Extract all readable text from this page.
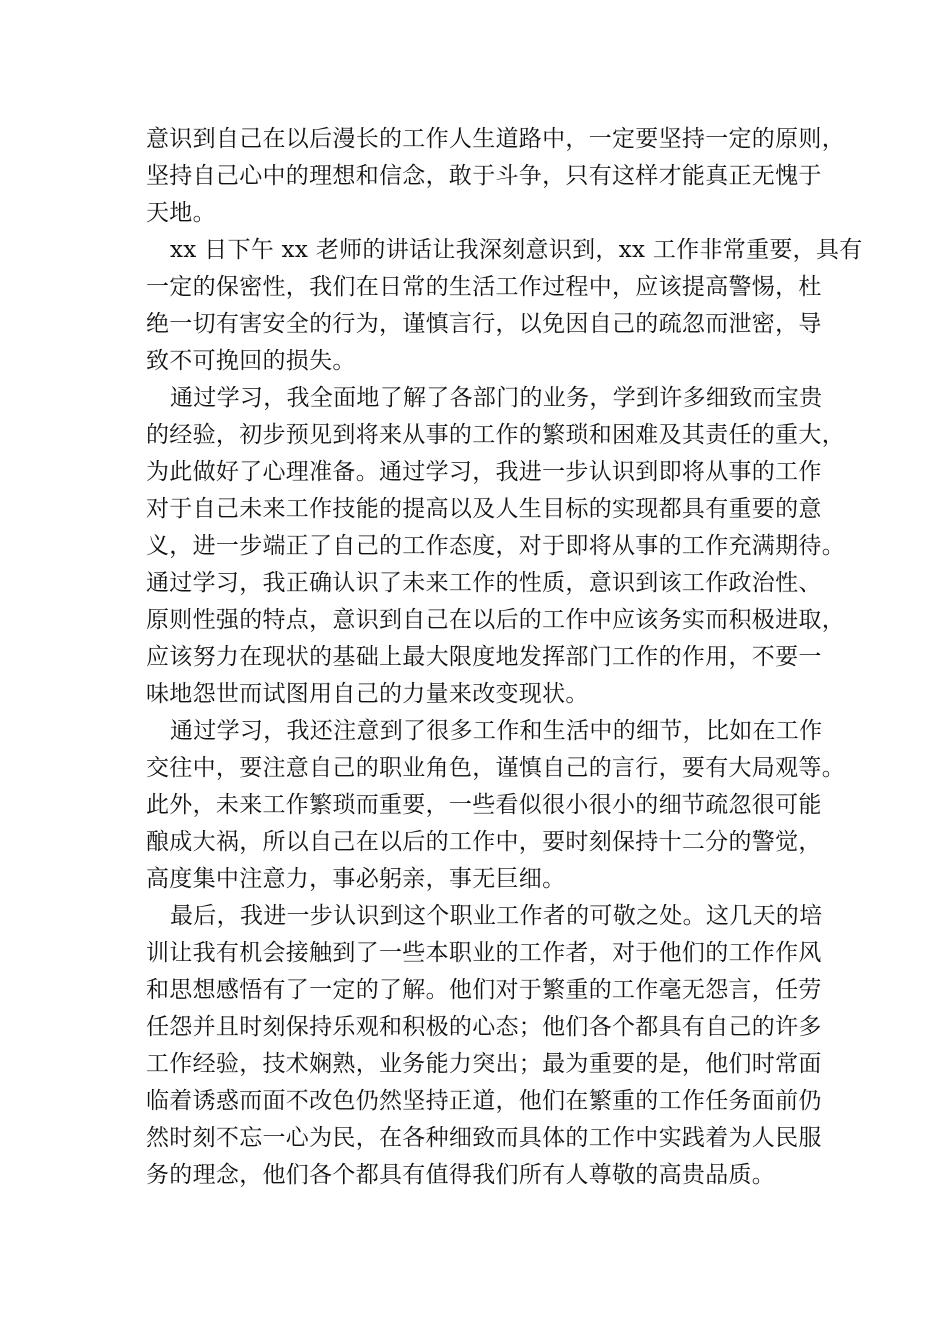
意识到自己在以后漫长的工作人生道路中，一定要坚持一定的原则，
坚持自己心中的理想和信念，敢于斗争，只有这样才能真正无愧于
天地。
xx 日下午 xx 老师的讲话让我深刻意识到，xx 工作非常重要，具有
一定的保密性，我们在日常的生活工作过程中，应该提高警惕，杜
绝一切有害安全的行为，谨慎言行，以免因自己的疏忽而泄密，导
致不可挽回的损失。
通过学习，我全面地了解了各部门的业务，学到许多细致而宝贵
的经验，初步预见到将来从事的工作的繁琐和困难及其责任的重大，
为此做好了心理准备。通过学习，我进一步认识到即将从事的工作
对于自己未来工作技能的提高以及人生目标的实现都具有重要的意
义，进一步端正了自己的工作态度，对于即将从事的工作充满期待。
通过学习，我正确认识了未来工作的性质，意识到该工作政治性、
原则性强的特点，意识到自己在以后的工作中应该务实而积极进取，
应该努力在现状的基础上最大限度地发挥部门工作的作用，不要一
味地怨世而试图用自己的力量来改变现状。
通过学习，我还注意到了很多工作和生活中的细节，比如在工作
交往中，要注意自己的职业角色，谨慎自己的言行，要有大局观等。
此外，未来工作繁琐而重要，一些看似很小很小的细节疏忽很可能
酿成大祸，所以自己在以后的工作中，要时刻保持十二分的警觉，
高度集中注意力，事必躬亲，事无巨细。
最后，我进一步认识到这个职业工作者的可敬之处。这几天的培
训让我有机会接触到了一些本职业的工作者，对于他们的工作作风
和思想感悟有了一定的了解。他们对于繁重的工作毫无怨言，任劳
任怨并且时刻保持乐观和积极的心态；他们各个都具有自己的许多
工作经验，技术娴熟，业务能力突出；最为重要的是，他们时常面
临着诱惑而面不改色仍然坚持正道，他们在繁重的工作任务面前仍
然时刻不忘一心为民，在各种细致而具体的工作中实践着为人民服
务的理念，他们各个都具有值得我们所有人尊敬的高贵品质。
